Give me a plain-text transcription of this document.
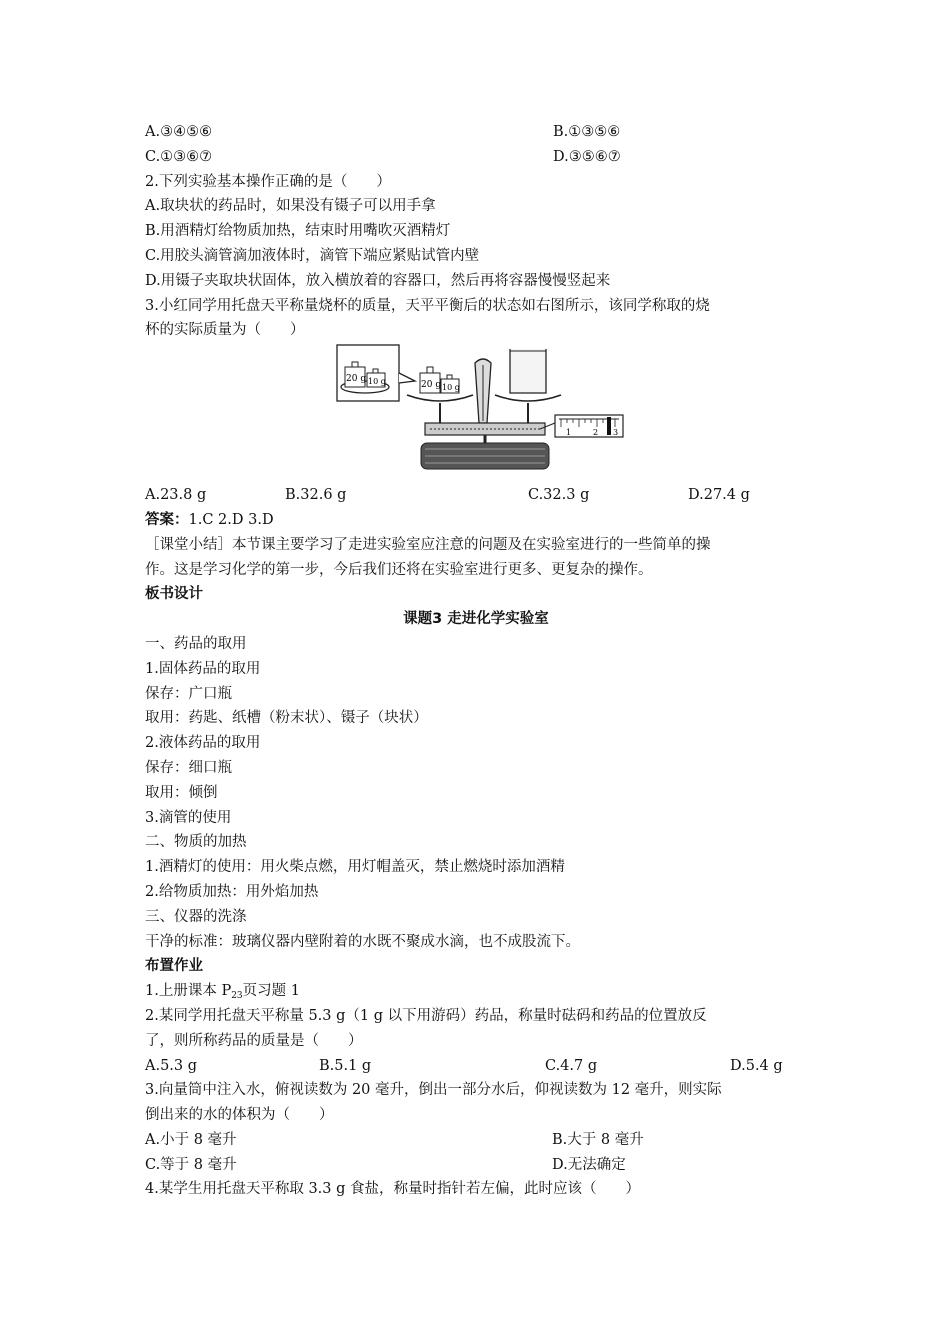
A.③④⑤⑥	B.①③⑤⑥
C.①③⑥⑦	D.③⑤⑥⑦
2.下列实验基本操作正确的是（　　）
A.取块状的药品时，如果没有镊子可以用手拿
B.用酒精灯给物质加热，结束时用嘴吹灭酒精灯
C.用胶头滴管滴加液体时，滴管下端应紧贴试管内壁
D.用镊子夹取块状固体，放入横放着的容器口，然后再将容器慢慢竖起来
3.小红同学用托盘天平称量烧杯的质量，天平平衡后的状态如右图所示，该同学称取的烧
杯的实际质量为（　　）
20 g 10 g	20 g 10 g
1	2 3
A.23.8 g	B.32.6 g	C.32.3 g	D.27.4 g
答案：1.C 2.D 3.D
［课堂小结］本节课主要学习了走进实验室应注意的问题及在实验室进行的一些简单的操
作。这是学习化学的第一步，今后我们还将在实验室进行更多、更复杂的操作。
板书设计
课题3 走进化学实验室
一、药品的取用
1.固体药品的取用
保存：广口瓶
取用：药匙、纸槽（粉末状）、镊子（块状）
2.液体药品的取用
保存：细口瓶
取用：倾倒
3.滴管的使用
二、物质的加热
1.酒精灯的使用：用火柴点燃，用灯帽盖灭，禁止燃烧时添加酒精
2.给物质加热：用外焰加热
三、仪器的洗涤
干净的标准：玻璃仪器内壁附着的水既不聚成水滴，也不成股流下。
布置作业
1.上册课本 $P_{23}$页习题 1
2.某同学用托盘天平称量 5.3 g（1 g 以下用游码）药品，称量时砝码和药品的位置放反
了，则所称药品的质量是（　　）
A.5.3 g	B.5.1 g	C.4.7 g	D.5.4 g
3.向量筒中注入水，俯视读数为 20 毫升，倒出一部分水后，仰视读数为 12 毫升，则实际
倒出来的水的体积为（　　）
A.小于 8 毫升	B.大于 8 毫升
C.等于 8 毫升	D.无法确定
4.某学生用托盘天平称取 3.3 g 食盐，称量时指针若左偏，此时应该（　　）
